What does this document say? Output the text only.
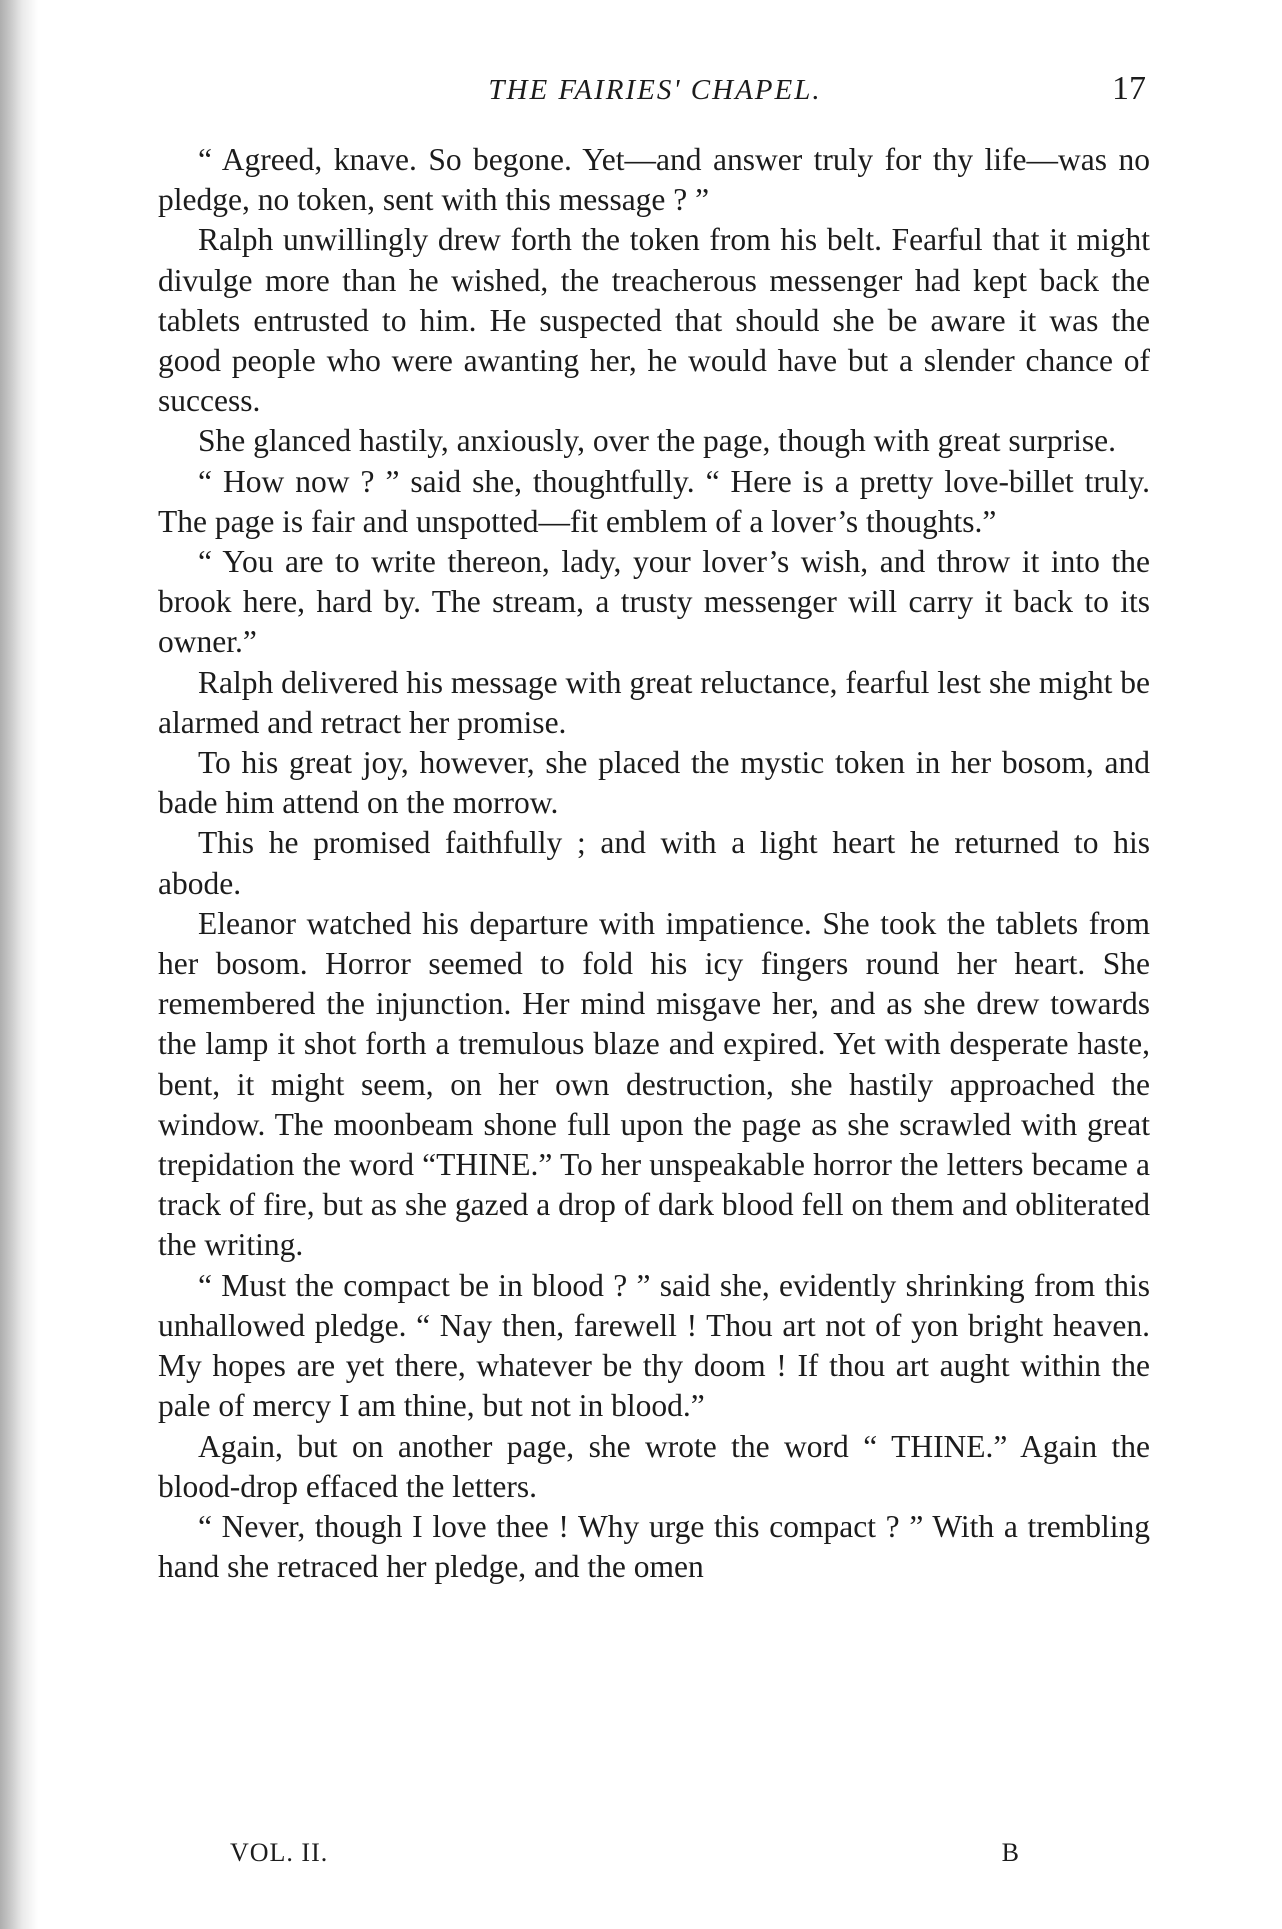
THE FAIRIES' CHAPEL.	17

“ Agreed, knave. So begone. Yet—and answer truly for thy life—was no pledge, no token, sent with this message ? ”

Ralph unwillingly drew forth the token from his belt. Fearful that it might divulge more than he wished, the treacherous messenger had kept back the tablets entrusted to him. He suspected that should she be aware it was the good people who were awanting her, he would have but a slender chance of success.

She glanced hastily, anxiously, over the page, though with great surprise.

“ How now ? ” said she, thoughtfully. “ Here is a pretty love-billet truly. The page is fair and unspotted—fit emblem of a lover’s thoughts.”

“ You are to write thereon, lady, your lover’s wish, and throw it into the brook here, hard by. The stream, a trusty messenger will carry it back to its owner.”

Ralph delivered his message with great reluctance, fearful lest she might be alarmed and retract her promise.

To his great joy, however, she placed the mystic token in her bosom, and bade him attend on the morrow.

This he promised faithfully ; and with a light heart he returned to his abode.

Eleanor watched his departure with impatience. She took the tablets from her bosom. Horror seemed to fold his icy fingers round her heart. She remembered the injunction. Her mind misgave her, and as she drew towards the lamp it shot forth a tremulous blaze and expired. Yet with desperate haste, bent, it might seem, on her own destruction, she hastily approached the window. The moonbeam shone full upon the page as she scrawled with great trepidation the word “THINE.” To her unspeakable horror the letters became a track of fire, but as she gazed a drop of dark blood fell on them and obliterated the writing.

“ Must the compact be in blood ? ” said she, evidently shrinking from this unhallowed pledge. “ Nay then, farewell ! Thou art not of yon bright heaven. My hopes are yet there, whatever be thy doom ! If thou art aught within the pale of mercy I am thine, but not in blood.”

Again, but on another page, she wrote the word “ THINE.” Again the blood-drop effaced the letters.

“ Never, though I love thee ! Why urge this compact ? ” With a trembling hand she retraced her pledge, and the omen

VOL. II.	B
